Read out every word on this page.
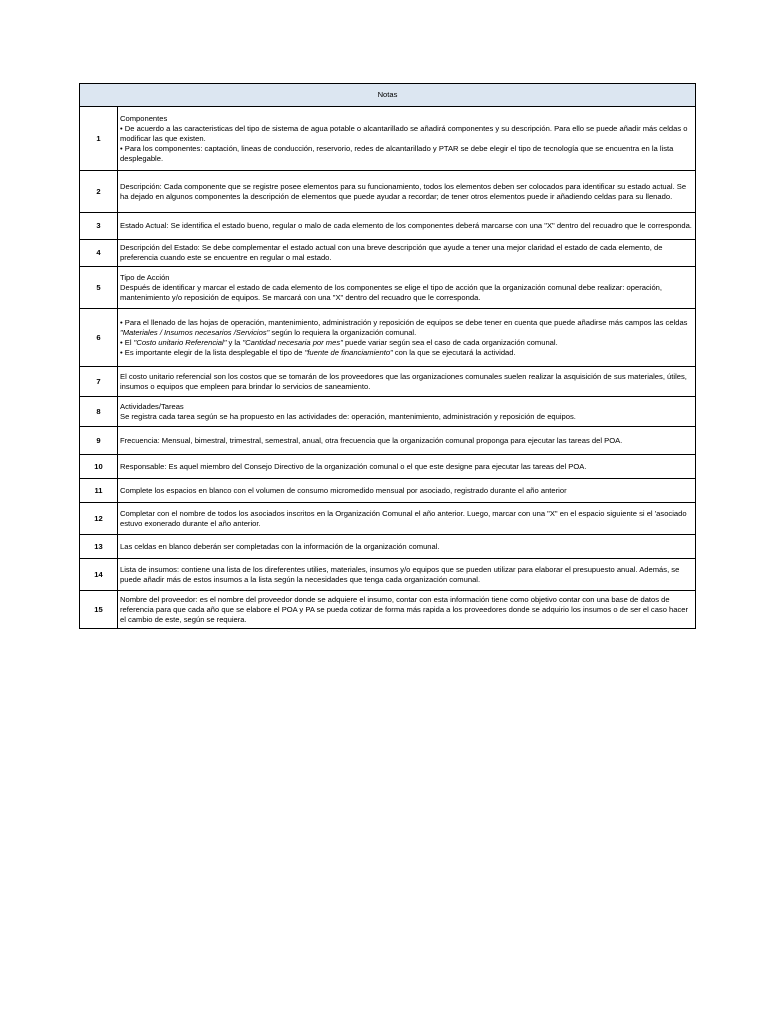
Notas	
1	Componentes
• De acuerdo a las caracteristicas del tipo de sistema de agua potable o alcantarillado se añadirá componentes y su descripción. Para ello se puede añadir más celdas o modificar las que existen.
• Para los componentes: captación, lineas de conducción, reservorio, redes de alcantarillado y PTAR se debe elegir el tipo de tecnología que se encuentra en la lista desplegable.

2	Descripción: Cada componente que se registre posee elementos para su funcionamiento, todos los elementos deben ser colocados para identificar su estado actual. Se ha dejado en algunos componentes la descripción de elementos que puede ayudar a recordar; de tener otros elementos puede ir añadiendo celdas para su llenado.

3	Estado Actual: Se identifica el estado bueno, regular o malo de cada elemento de los componentes deberá marcarse con una "X" dentro del recuadro que le corresponda.

4	Descripción del Estado: Se debe complementar el estado actual con una breve descripción que ayude a tener una mejor claridad el estado de cada elemento, de preferencia cuando este se encuentre en regular o mal estado.

5	Tipo de Acción
Después de identificar y marcar el estado de cada elemento de los componentes se elige el tipo de acción que la organización comunal debe realizar: operación, mantenimiento y/o reposición de equipos. Se marcará con una "X" dentro del recuadro que le corresponda.

6	• Para el llenado de las hojas de operación, mantenimiento, administración y reposición de equipos se debe tener en cuenta que puede añadirse más campos las celdas "Materiales / Insumos necesarios /Servicios" según lo requiera la organización comunal.
• El "Costo unitario Referencial" y la "Cantidad necesaria por mes" puede variar según sea el caso de cada organización comunal.
• Es importante elegir de la lista desplegable el tipo de "fuente de financiamiento" con la que se ejecutará la actividad.

7	El costo unitario referencial son los costos que se tomarán de los proveedores que las organizaciones comunales suelen realizar la asquisición de sus materiales, útiles, insumos o equipos que empleen para brindar lo servicios de saneamiento.

8	Actividades/Tareas
Se registra cada tarea según se ha propuesto en las actividades de: operación, mantenimiento, administración y reposición de equipos.

9	Frecuencia: Mensual, bimestral, trimestral, semestral, anual, otra frecuencia que la organización comunal proponga para ejecutar las tareas del POA.

10	Responsable: Es aquel miembro del Consejo Directivo de la organización comunal o el que este designe para ejecutar las tareas del POA.

11	Complete los espacios en blanco con el volumen de consumo micromedido mensual por asociado, registrado durante el año anterior

12	Completar con el nombre de todos los asociados inscritos en la Organización Comunal el año anterior. Luego, marcar con una "X" en el espacio siguiente si el 'asociado estuvo exonerado durante el año anterior.

13	Las celdas en blanco deberán ser completadas con la información de la organización comunal.

14	Lista de insumos: contiene una lista de los direferentes utilies, materiales, insumos y/o equipos que se pueden utilizar para elaborar el presupuesto anual. Además, se puede añadir más de estos insumos a la lista según la necesidades que tenga cada organización comunal.

15	Nombre del proveedor: es el nombre del proveedor donde se adquiere el insumo, contar con esta información tiene como objetivo contar con una base de datos de referencia para que cada año que se elabore el POA y PA se pueda cotizar de forma más rapida a los proveedores donde se adquirio los insumos o de ser el caso hacer el cambio de este, según se requiera.
